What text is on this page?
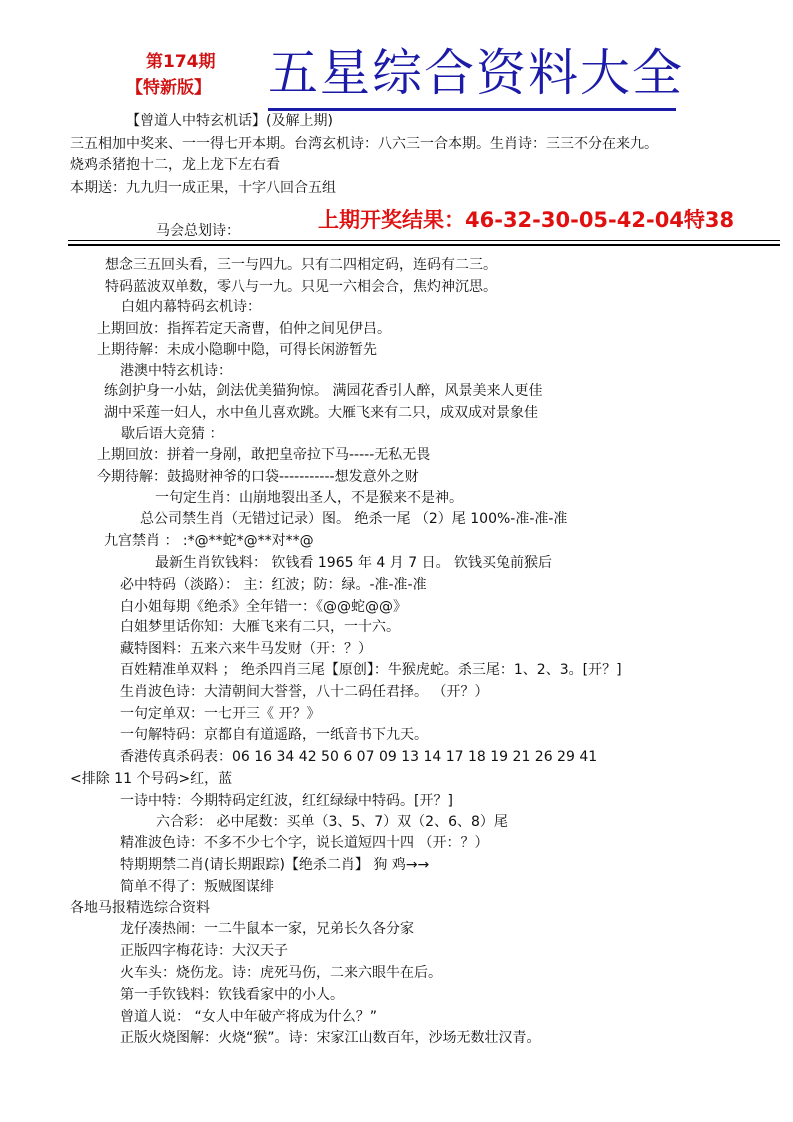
第174期
【特新版】 五星综合资料大全
【曾道人中特玄机话】(及解上期)
三五相加中奖来、一一得七开本期。台湾玄机诗：八六三一合本期。生肖诗：三三不分在来九。
烧鸡杀猪抱十二，龙上龙下左右看
本期送：九九归一成正果，十字八回合五组
马会总划诗：	上期开奖结果：46-32-30-05-42-04特38
想念三五回头看，三一与四九。只有二四相定码，连码有二三。
特码蓝波双单数，零八与一九。只见一六相会合，焦灼神沉思。
白姐内幕特码玄机诗：
上期回放：指挥若定天斋曹，伯仲之间见伊吕。
上期待解：未成小隐聊中隐，可得长闲游暂先
港澳中特玄机诗：
练剑护身一小姑，剑法优美猫狗惊。 满园花香引人醉，风景美来人更佳
湖中采莲一妇人，水中鱼儿喜欢跳。大雁飞来有二只，成双成对景象佳
歇后语大竞猜 ：
上期回放：拼着一身剐，敢把皇帝拉下马-----无私无畏
今期待解：鼓捣财神爷的口袋-----------想发意外之财
一句定生肖：山崩地裂出圣人，不是猴来不是神。
总公司禁生肖（无错过记录）图。 绝杀一尾 （2）尾 100%-准-准-准
九宫禁肖 ： :*@**蛇*@**对**@
最新生肖钦钱料： 钦钱看 1965 年 4 月 7 日。 钦钱买兔前猴后
必中特码（淡路）： 主：红波；防：绿。-准-准-准
白小姐每期《绝杀》全年错一：《@@蛇@@》
白姐梦里话你知：大雁飞来有二只，一十六。
藏特图料：五来六来牛马发财（开：？）
百姓精准单双料 ； 绝杀四肖三尾【原创】：牛猴虎蛇。杀三尾：1、2、3。[开？]
生肖波色诗：大清朝间大誉誉，八十二码任君择。 （开？）
一句定单双：一七开三《 开？》
一句解特码：京都自有道遥路，一纸音书下九天。
香港传真杀码表：06 16 34 42 50 6 07 09 13 14 17 18 19 21 26 29 41
<排除 11 个号码>红，蓝
一诗中特：今期特码定红波，红红绿绿中特码。[开？]
六合彩： 必中尾数：买单（3、5、7）双（2、6、8）尾
精准波色诗：不多不少七个字，说长道短四十四 （开：？）
特期期禁二肖(请长期跟踪)【绝杀二肖】 狗 鸡→→
简单不得了：叛贼图谋绯
各地马报精选综合资料
龙仔凑热闹：一二牛鼠本一家，兄弟长久各分家
正版四字梅花诗：大汉天子
火车头：烧伤龙。诗：虎死马伤，二来六眼牛在后。
第一手钦钱料：钦钱看家中的小人。
曾道人说： “女人中年破产将成为什么？”
正版火烧图解：火烧“猴”。诗：宋家江山数百年，沙场无数壮汉青。
